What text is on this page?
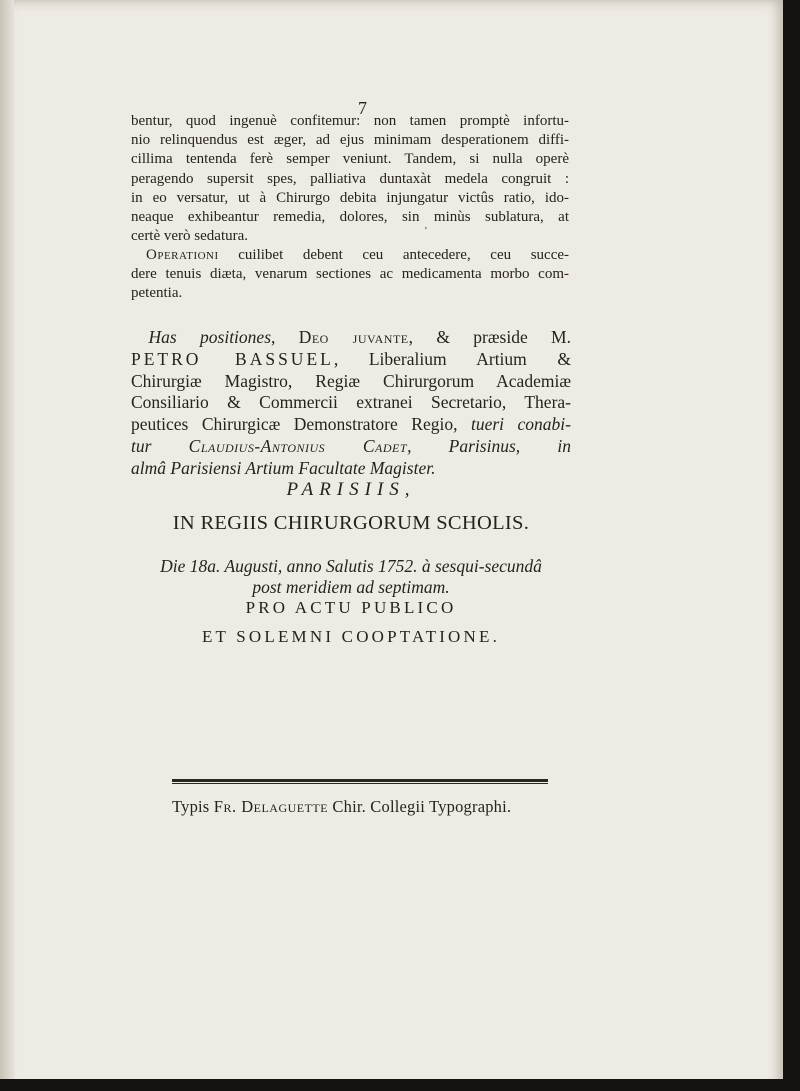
7
bentur, quod ingenuè confitemur: non tamen promptè infortu-
nio relinquendus est æger, ad ejus minimam desperationem diffi-
cillima tentenda ferè semper veniunt. Tandem, si nulla operè
peragendo supersit spes, palliativa duntaxàt medela congruit :
in eo versatur, ut à Chirurgo debita injungatur victûs ratio, ido-
neaque exhibeantur remedia, dolores, sin minùs sublatura, at
certè verò sedatura.	'
 Operationi cuilibet debent ceu antecedere, ceu succe-
dere tenuis diæta, venarum sectiones ac medicamenta morbo com-
petentia.
 Has positiones, Deo juvante, & præside M.
PETRO BASSUEL, Liberalium Artium &
Chirurgiæ Magistro, Regiæ Chirurgorum Academiæ
Consiliario & Commercii extranei Secretario, Thera-
peutices Chirurgicæ Demonstratore Regio, tueri conabi-
tur Claudius-Antonius Cadet, Parisinus, in
almâ Parisiensi Artium Facultate Magister.
PARISIIS,
IN REGIIS CHIRURGORUM SCHOLIS.
Die 18a. Augusti, anno Salutis 1752. à sesqui-secundâ
post meridiem ad septimam.
PRO ACTU PUBLICO
ET SOLEMNI COOPTATIONE.
Typis Fr. Delaguette Chir. Collegii Typographi.
